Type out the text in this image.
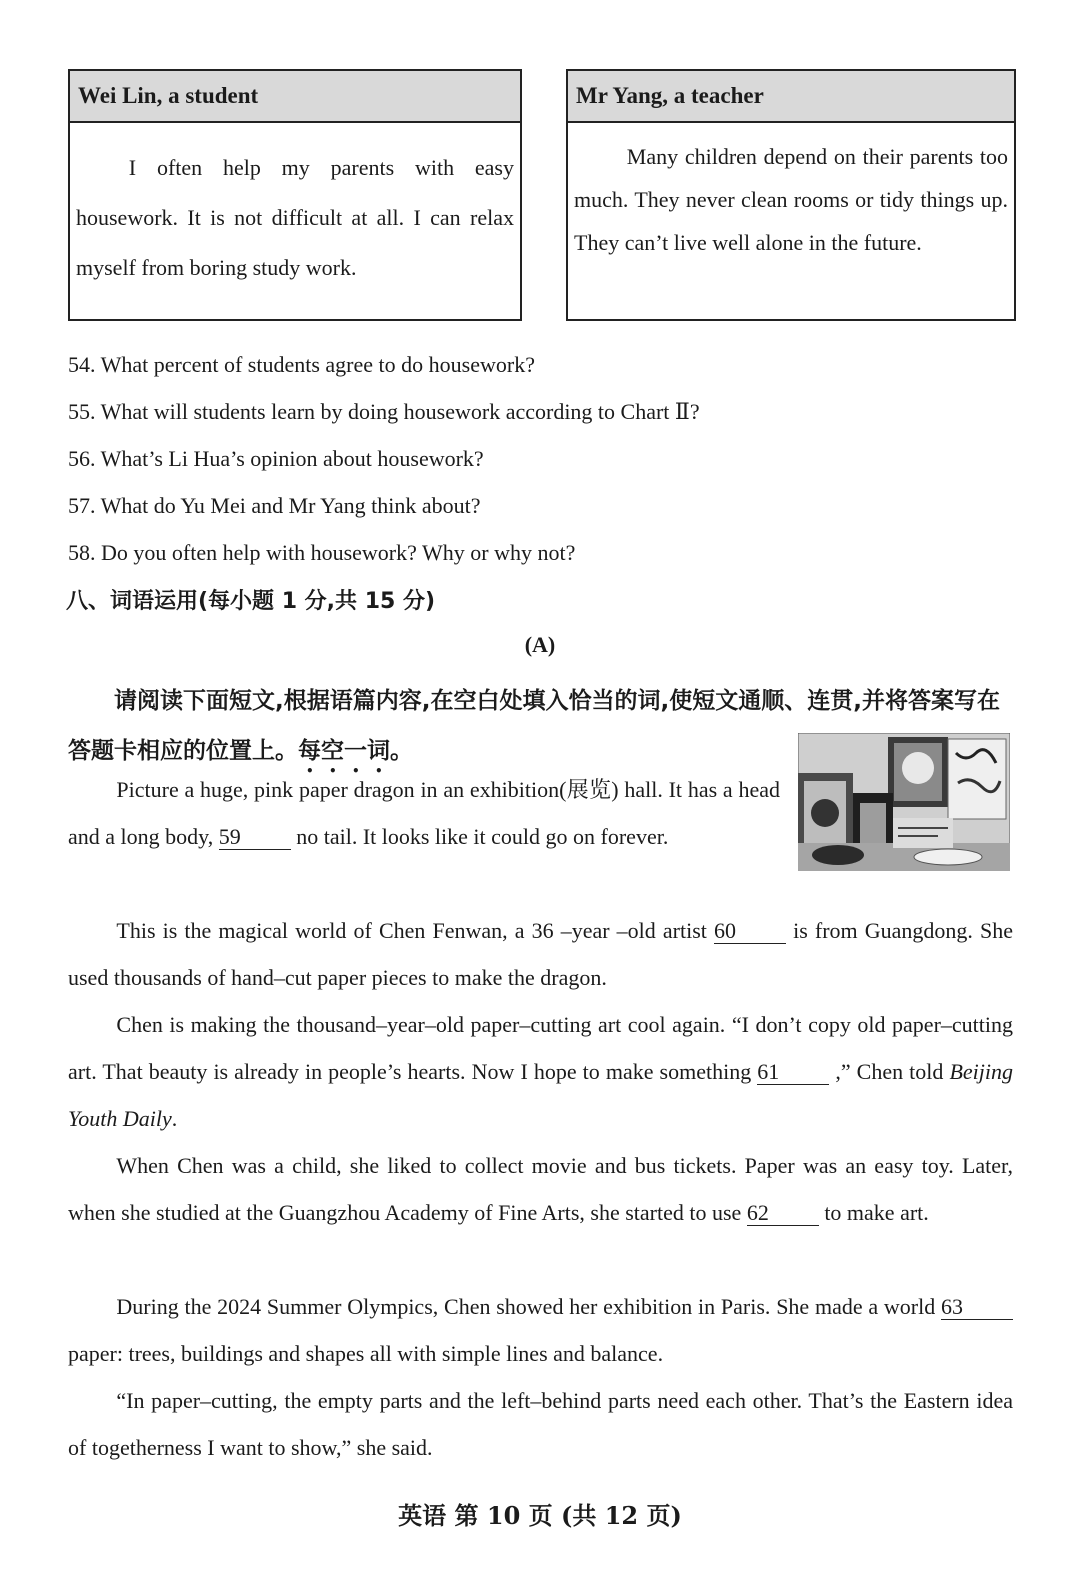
Wei Lin, a student
I often help my parents with easy housework. It is not difficult at all. I can relax myself from boring study work.
Mr Yang, a teacher
Many children depend on their parents too much. They never clean rooms or tidy things up. They can’t live well alone in the future.
54. What percent of students agree to do housework?
55. What will students learn by doing housework according to Chart Ⅱ?
56. What’s Li Hua’s opinion about housework?
57. What do Yu Mei and Mr Yang think about?
58. Do you often help with housework? Why or why not?
八、词语运用(每小题 1 分,共 15 分)
(A)
请阅读下面短文,根据语篇内容,在空白处填入恰当的词,使短文通顺、连贯,并将答案写在答题卡相应的位置上。每空一词。
Picture a huge, pink paper dragon in an exhibition(展览) hall. It has a head and a long body, 59 no tail. It looks like it could go on forever.
This is the magical world of Chen Fenwan, a 36 –year –old artist 60 is from Guangdong. She used thousands of hand–cut paper pieces to make the dragon.
Chen is making the thousand–year–old paper–cutting art cool again. “I don’t copy old paper–cutting art. That beauty is already in people’s hearts. Now I hope to make something 61 ,” Chen told Beijing Youth Daily.
When Chen was a child, she liked to collect movie and bus tickets. Paper was an easy toy. Later, when she studied at the Guangzhou Academy of Fine Arts, she started to use 62 to make art.
During the 2024 Summer Olympics, Chen showed her exhibition in Paris. She made a world 63 paper: trees, buildings and shapes all with simple lines and balance.
“In paper–cutting, the empty parts and the left–behind parts need each other. That’s the Eastern idea of togetherness I want to show,” she said.
英语 第 10 页 (共 12 页)
